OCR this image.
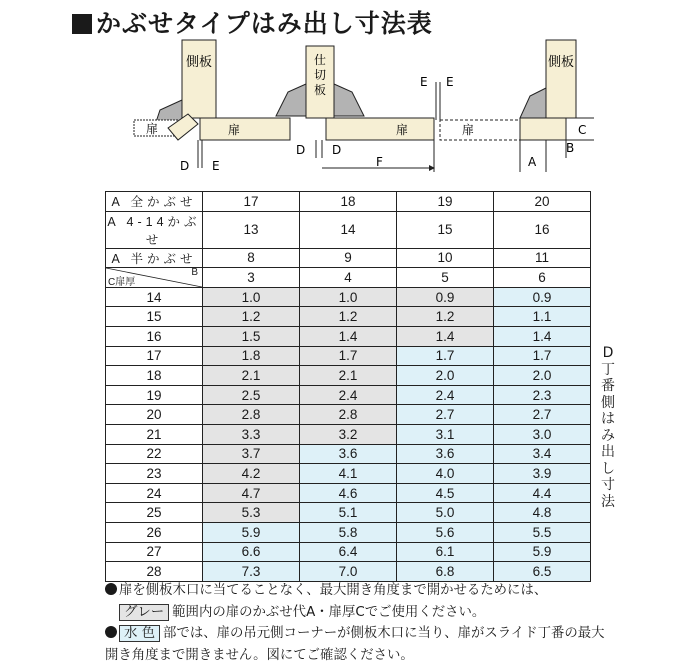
かぶせタイプはみ出し寸法表
側板
扉	扉
仕
切
板
扉	扉
側板
D E
D D
F
E E
A
B
C
A 全かぶせ	17	18	19	20
A 4-14かぶせ	13	14	15	16
A 半かぶせ	8	9	10	11

B
C扉厚	3	4	5	6
14	1.0	1.0	0.9	0.9
15	1.2	1.2	1.2	1.1
16	1.5	1.4	1.4	1.4
17	1.8	1.7	1.7	1.7
18	2.1	2.1	2.0	2.0
19	2.5	2.4	2.4	2.3
20	2.8	2.8	2.7	2.7
21	3.3	3.2	3.1	3.0
22	3.7	3.6	3.6	3.4
23	4.2	4.1	4.0	3.9
24	4.7	4.6	4.5	4.4
25	5.3	5.1	5.0	4.8
26	5.9	5.8	5.6	5.5
27	6.6	6.4	6.1	5.9
28	7.3	7.0	6.8	6.5
D
丁番側はみ出し寸法
扉を側板木口に当てることなく、最大開き角度まで開かせるためには、
グレー 範囲内の扉のかぶせ代A・扉厚Cでご使用ください。
水 色 部では、扉の吊元側コーナーが側板木口に当り、扉がスライド丁番の最大
開き角度まで開きません。図にてご確認ください。
